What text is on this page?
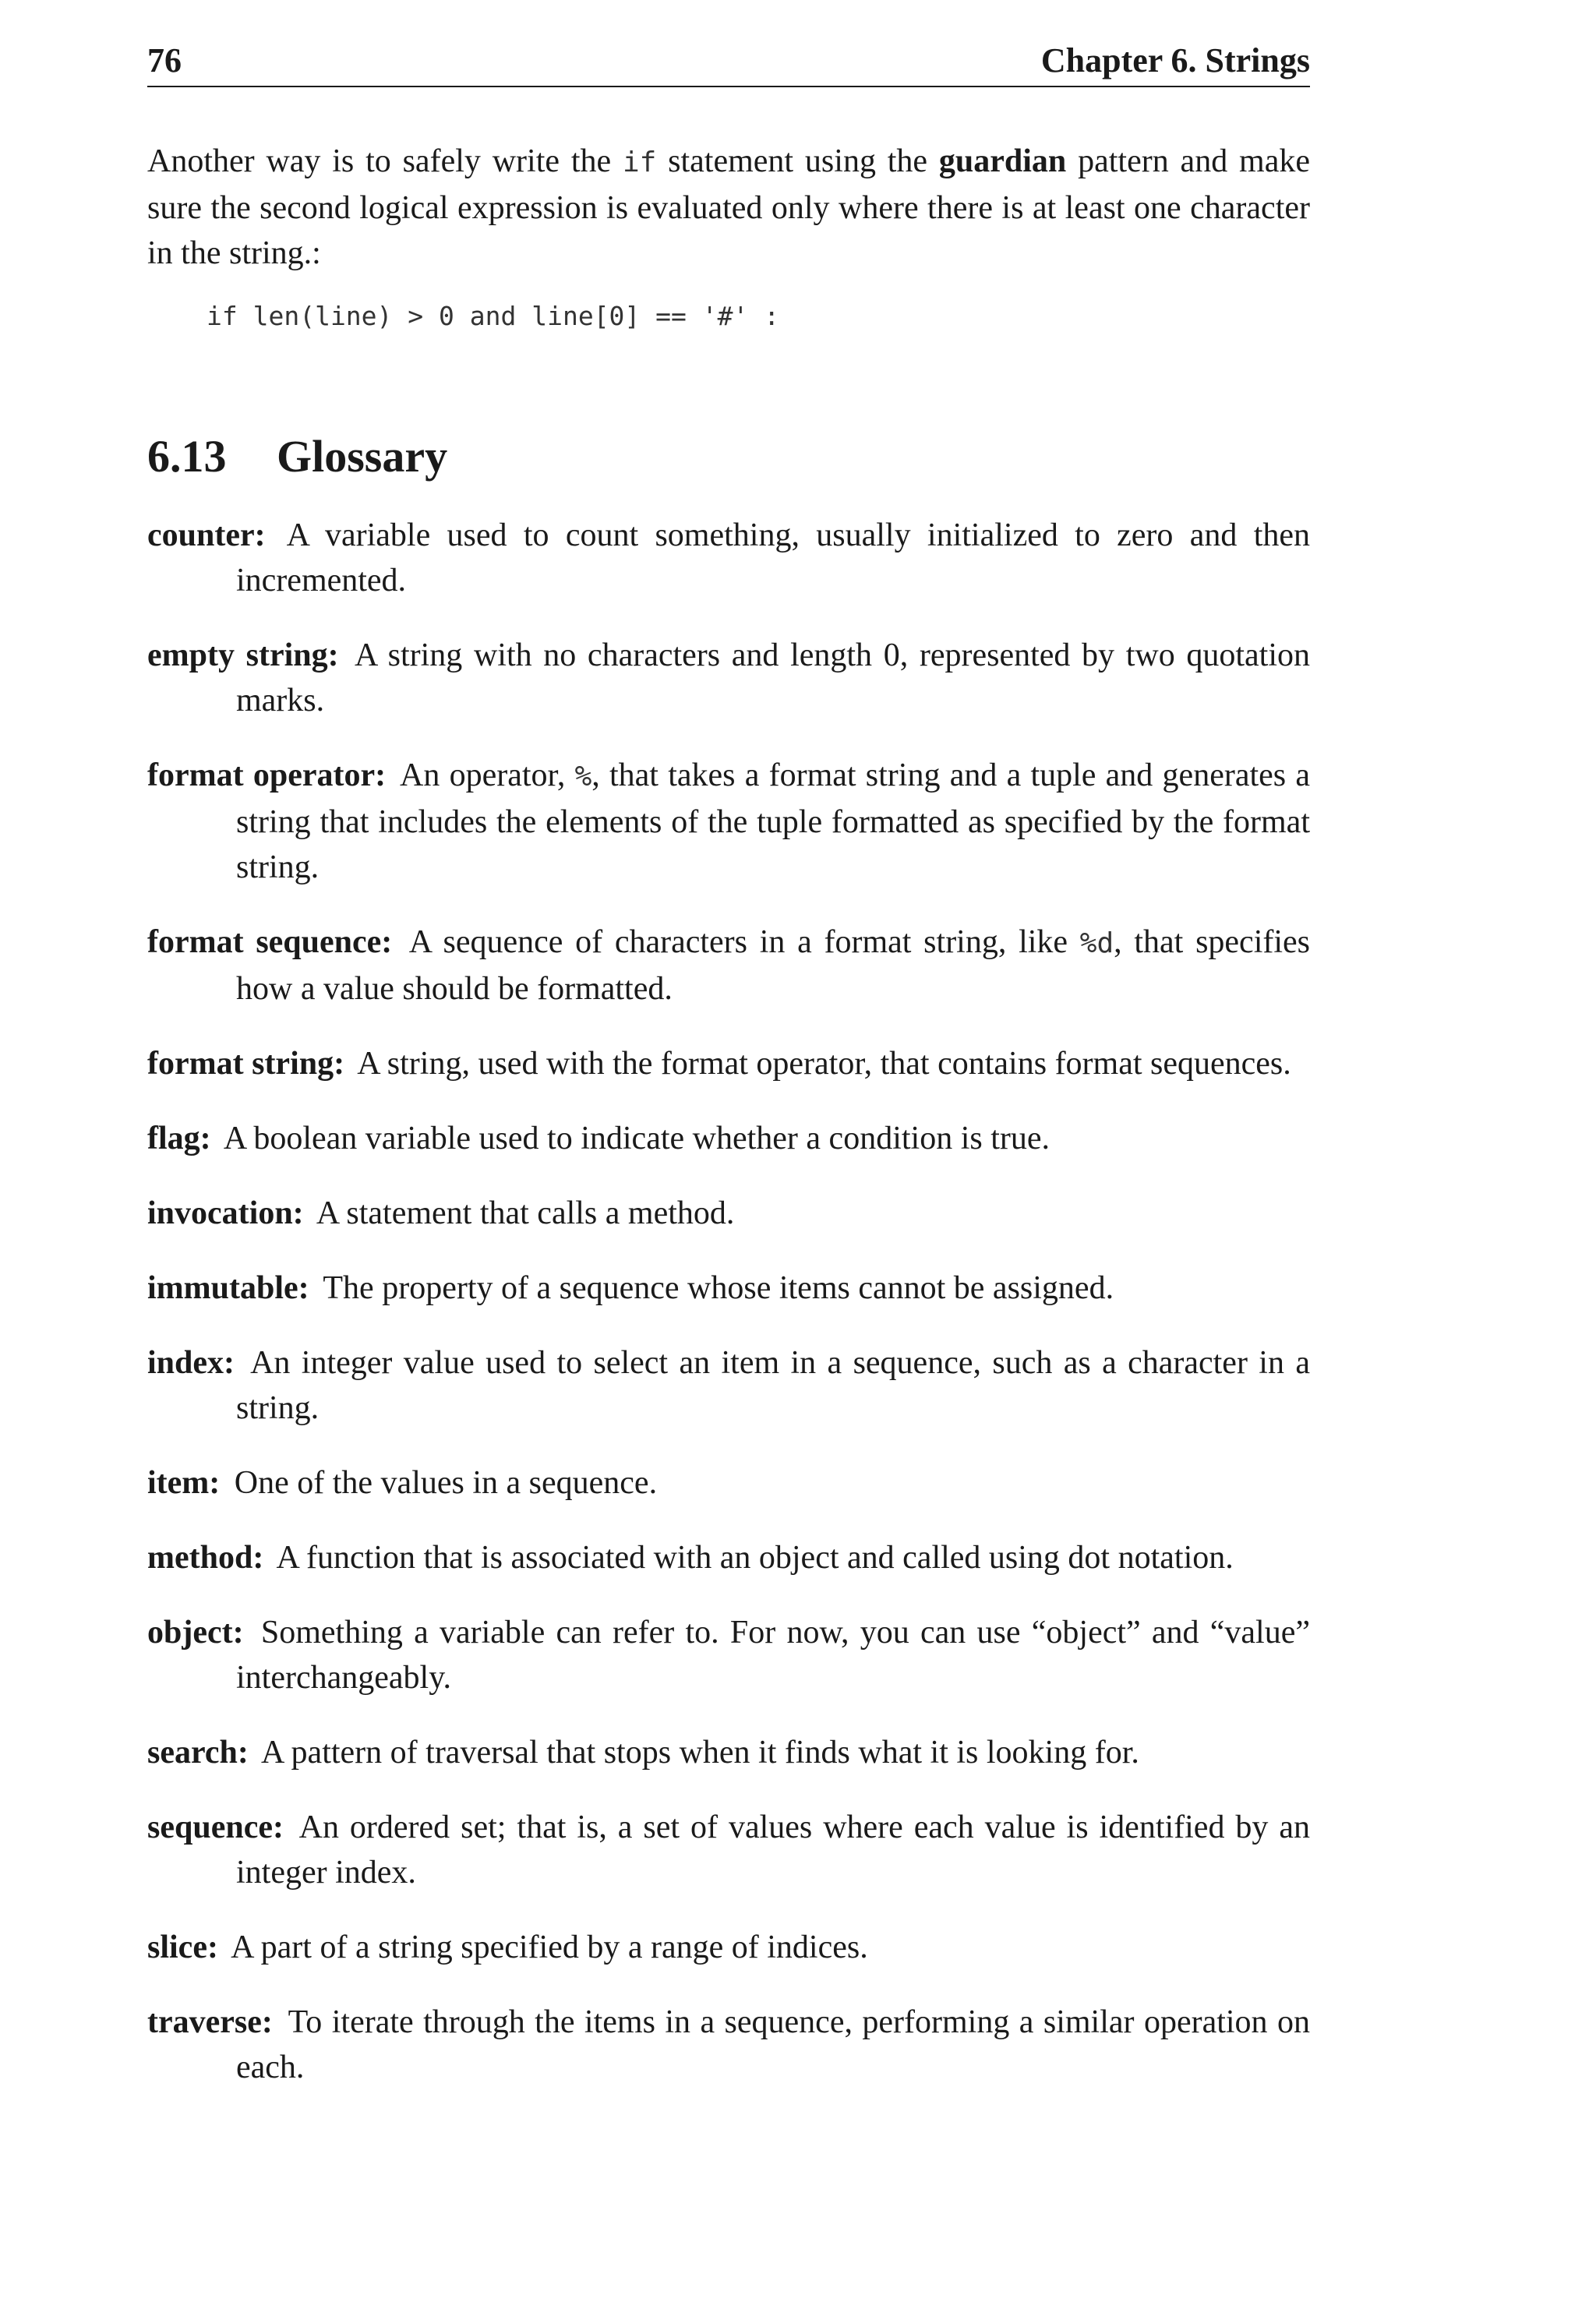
76	Chapter 6. Strings

Another way is to safely write the if statement using the guardian pattern and make sure the second logical expression is evaluated only where there is at least one character in the string.:

if len(line) > 0 and line[0] == '#' :
6.13 Glossary

counter: A variable used to count something, usually initialized to zero and then incremented.

empty string: A string with no characters and length 0, represented by two quotation marks.

format operator: An operator, %, that takes a format string and a tuple and generates a string that includes the elements of the tuple formatted as specified by the format string.

format sequence: A sequence of characters in a format string, like %d, that specifies how a value should be formatted.

format string: A string, used with the format operator, that contains format sequences.

flag: A boolean variable used to indicate whether a condition is true.

invocation: A statement that calls a method.

immutable: The property of a sequence whose items cannot be assigned.

index: An integer value used to select an item in a sequence, such as a character in a string.

item: One of the values in a sequence.

method: A function that is associated with an object and called using dot notation.

object: Something a variable can refer to. For now, you can use “object” and “value” interchangeably.

search: A pattern of traversal that stops when it finds what it is looking for.

sequence: An ordered set; that is, a set of values where each value is identified by an integer index.

slice: A part of a string specified by a range of indices.

traverse: To iterate through the items in a sequence, performing a similar operation on each.
